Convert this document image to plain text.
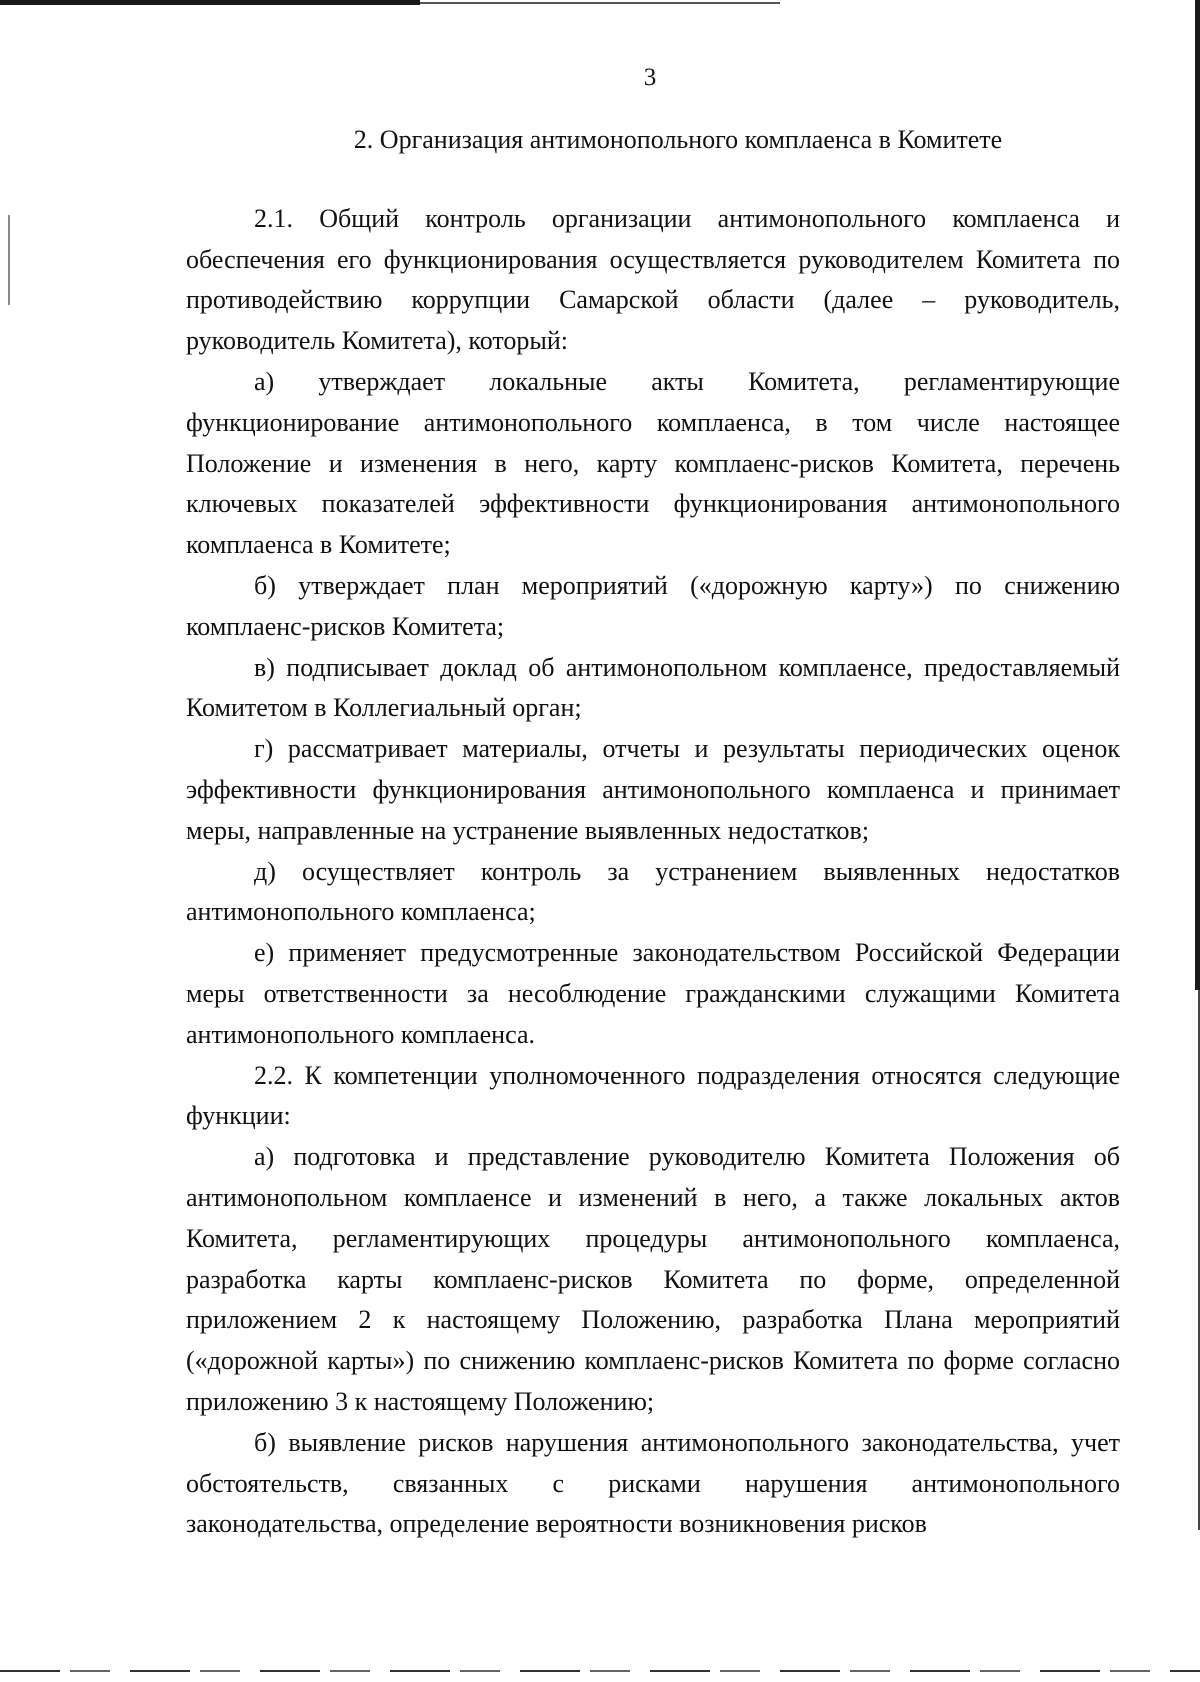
3
2. Организация антимонопольного комплаенса в Комитете

2.1. Общий контроль организации антимонопольного комплаенса и обеспечения его функционирования осуществляется руководителем Комитета по противодействию коррупции Самарской области (далее – руководитель, руководитель Комитета), который:

а) утверждает локальные акты Комитета, регламентирующие функционирование антимонопольного комплаенса, в том числе настоящее Положение и изменения в него, карту комплаенс-рисков Комитета, перечень ключевых показателей эффективности функционирования антимонопольного комплаенса в Комитете;

б) утверждает план мероприятий («дорожную карту») по снижению комплаенс-рисков Комитета;

в) подписывает доклад об антимонопольном комплаенсе, предоставляемый Комитетом в Коллегиальный орган;

г) рассматривает материалы, отчеты и результаты периодических оценок эффективности функционирования антимонопольного комплаенса и принимает меры, направленные на устранение выявленных недостатков;

д) осуществляет контроль за устранением выявленных недостатков антимонопольного комплаенса;

е) применяет предусмотренные законодательством Российской Федерации меры ответственности за несоблюдение гражданскими служащими Комитета антимонопольного комплаенса.

2.2. К компетенции уполномоченного подразделения относятся следующие функции:

а) подготовка и представление руководителю Комитета Положения об антимонопольном комплаенсе и изменений в него, а также локальных актов Комитета, регламентирующих процедуры антимонопольного комплаенса, разработка карты комплаенс-рисков Комитета по форме, определенной приложением 2 к настоящему Положению, разработка Плана мероприятий («дорожной карты») по снижению комплаенс-рисков Комитета по форме согласно приложению 3 к настоящему Положению;

б) выявление рисков нарушения антимонопольного законодательства, учет обстоятельств, связанных с рисками нарушения антимонопольного законодательства, определение вероятности возникновения рисков
